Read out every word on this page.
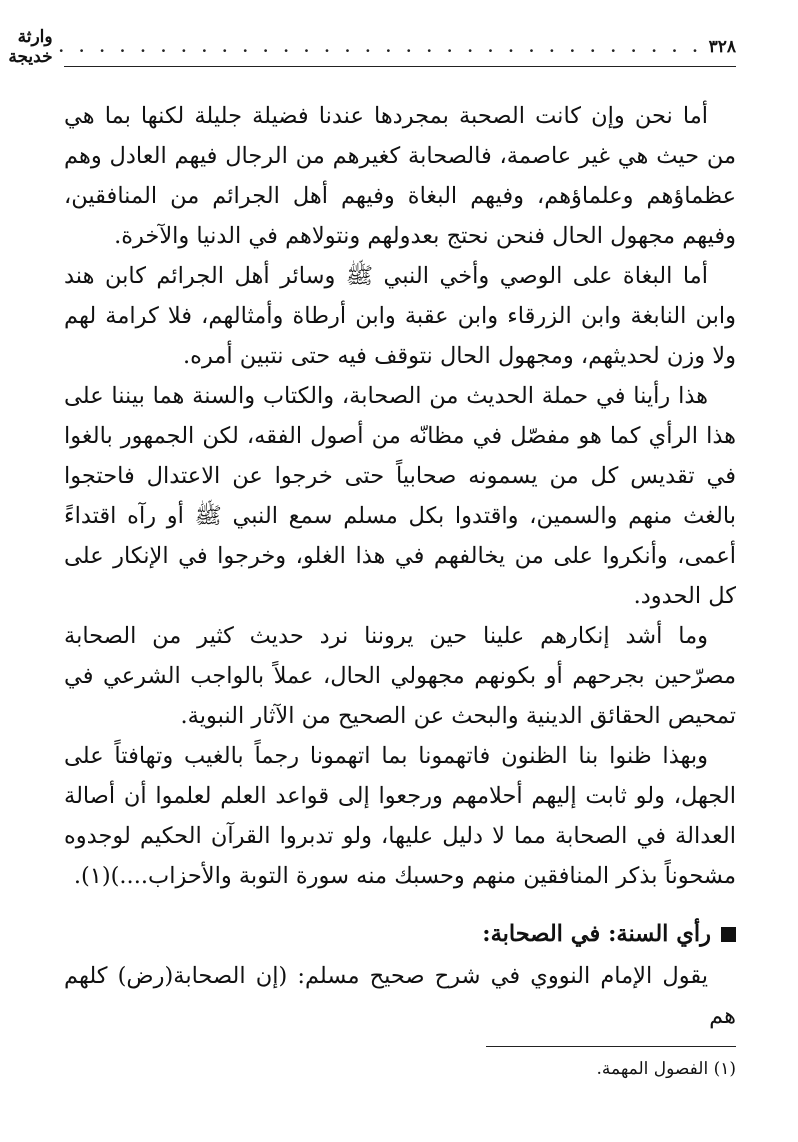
٣٢٨
. . . . . . . . . . . . . . . . . . . . . . . . . . . . . . . .
وارثة خديجة

أما نحن وإن كانت الصحبة بمجردها عندنا فضيلة جليلة لكنها بما هي من حيث هي غير عاصمة، فالصحابة كغيرهم من الرجال فيهم العادل وهم عظماؤهم وعلماؤهم، وفيهم البغاة وفيهم أهل الجرائم من المنافقين، وفيهم مجهول الحال فنحن نحتج بعدولهم ونتولاهم في الدنيا والآخرة.

أما البغاة على الوصي وأخي النبي ﷺ وسائر أهل الجرائم كابن هند وابن النابغة وابن الزرقاء وابن عقبة وابن أرطاة وأمثالهم، فلا كرامة لهم ولا وزن لحديثهم، ومجهول الحال نتوقف فيه حتى نتبين أمره.

هذا رأينا في حملة الحديث من الصحابة، والكتاب والسنة هما بيننا على هذا الرأي كما هو مفصّل في مظانّه من أصول الفقه، لكن الجمهور بالغوا في تقديس كل من يسمونه صحابياً حتى خرجوا عن الاعتدال فاحتجوا بالغث منهم والسمين، واقتدوا بكل مسلم سمع النبي ﷺ أو رآه اقتداءً أعمى، وأنكروا على من يخالفهم في هذا الغلو، وخرجوا في الإنكار على كل الحدود.

وما أشد إنكارهم علينا حين يروننا نرد حديث كثير من الصحابة مصرّحين بجرحهم أو بكونهم مجهولي الحال، عملاً بالواجب الشرعي في تمحيص الحقائق الدينية والبحث عن الصحيح من الآثار النبوية.

وبهذا ظنوا بنا الظنون فاتهمونا بما اتهمونا رجماً بالغيب وتهافتاً على الجهل، ولو ثابت إليهم أحلامهم ورجعوا إلى قواعد العلم لعلموا أن أصالة العدالة في الصحابة مما لا دليل عليها، ولو تدبروا القرآن الحكيم لوجدوه مشحوناً بذكر المنافقين منهم وحسبك منه سورة التوبة والأحزاب....)(١).

رأي السنة: في الصحابة:

يقول الإمام النووي في شرح صحيح مسلم: (إن الصحابة(رض) كلهم هم

(١) الفصول المهمة.
